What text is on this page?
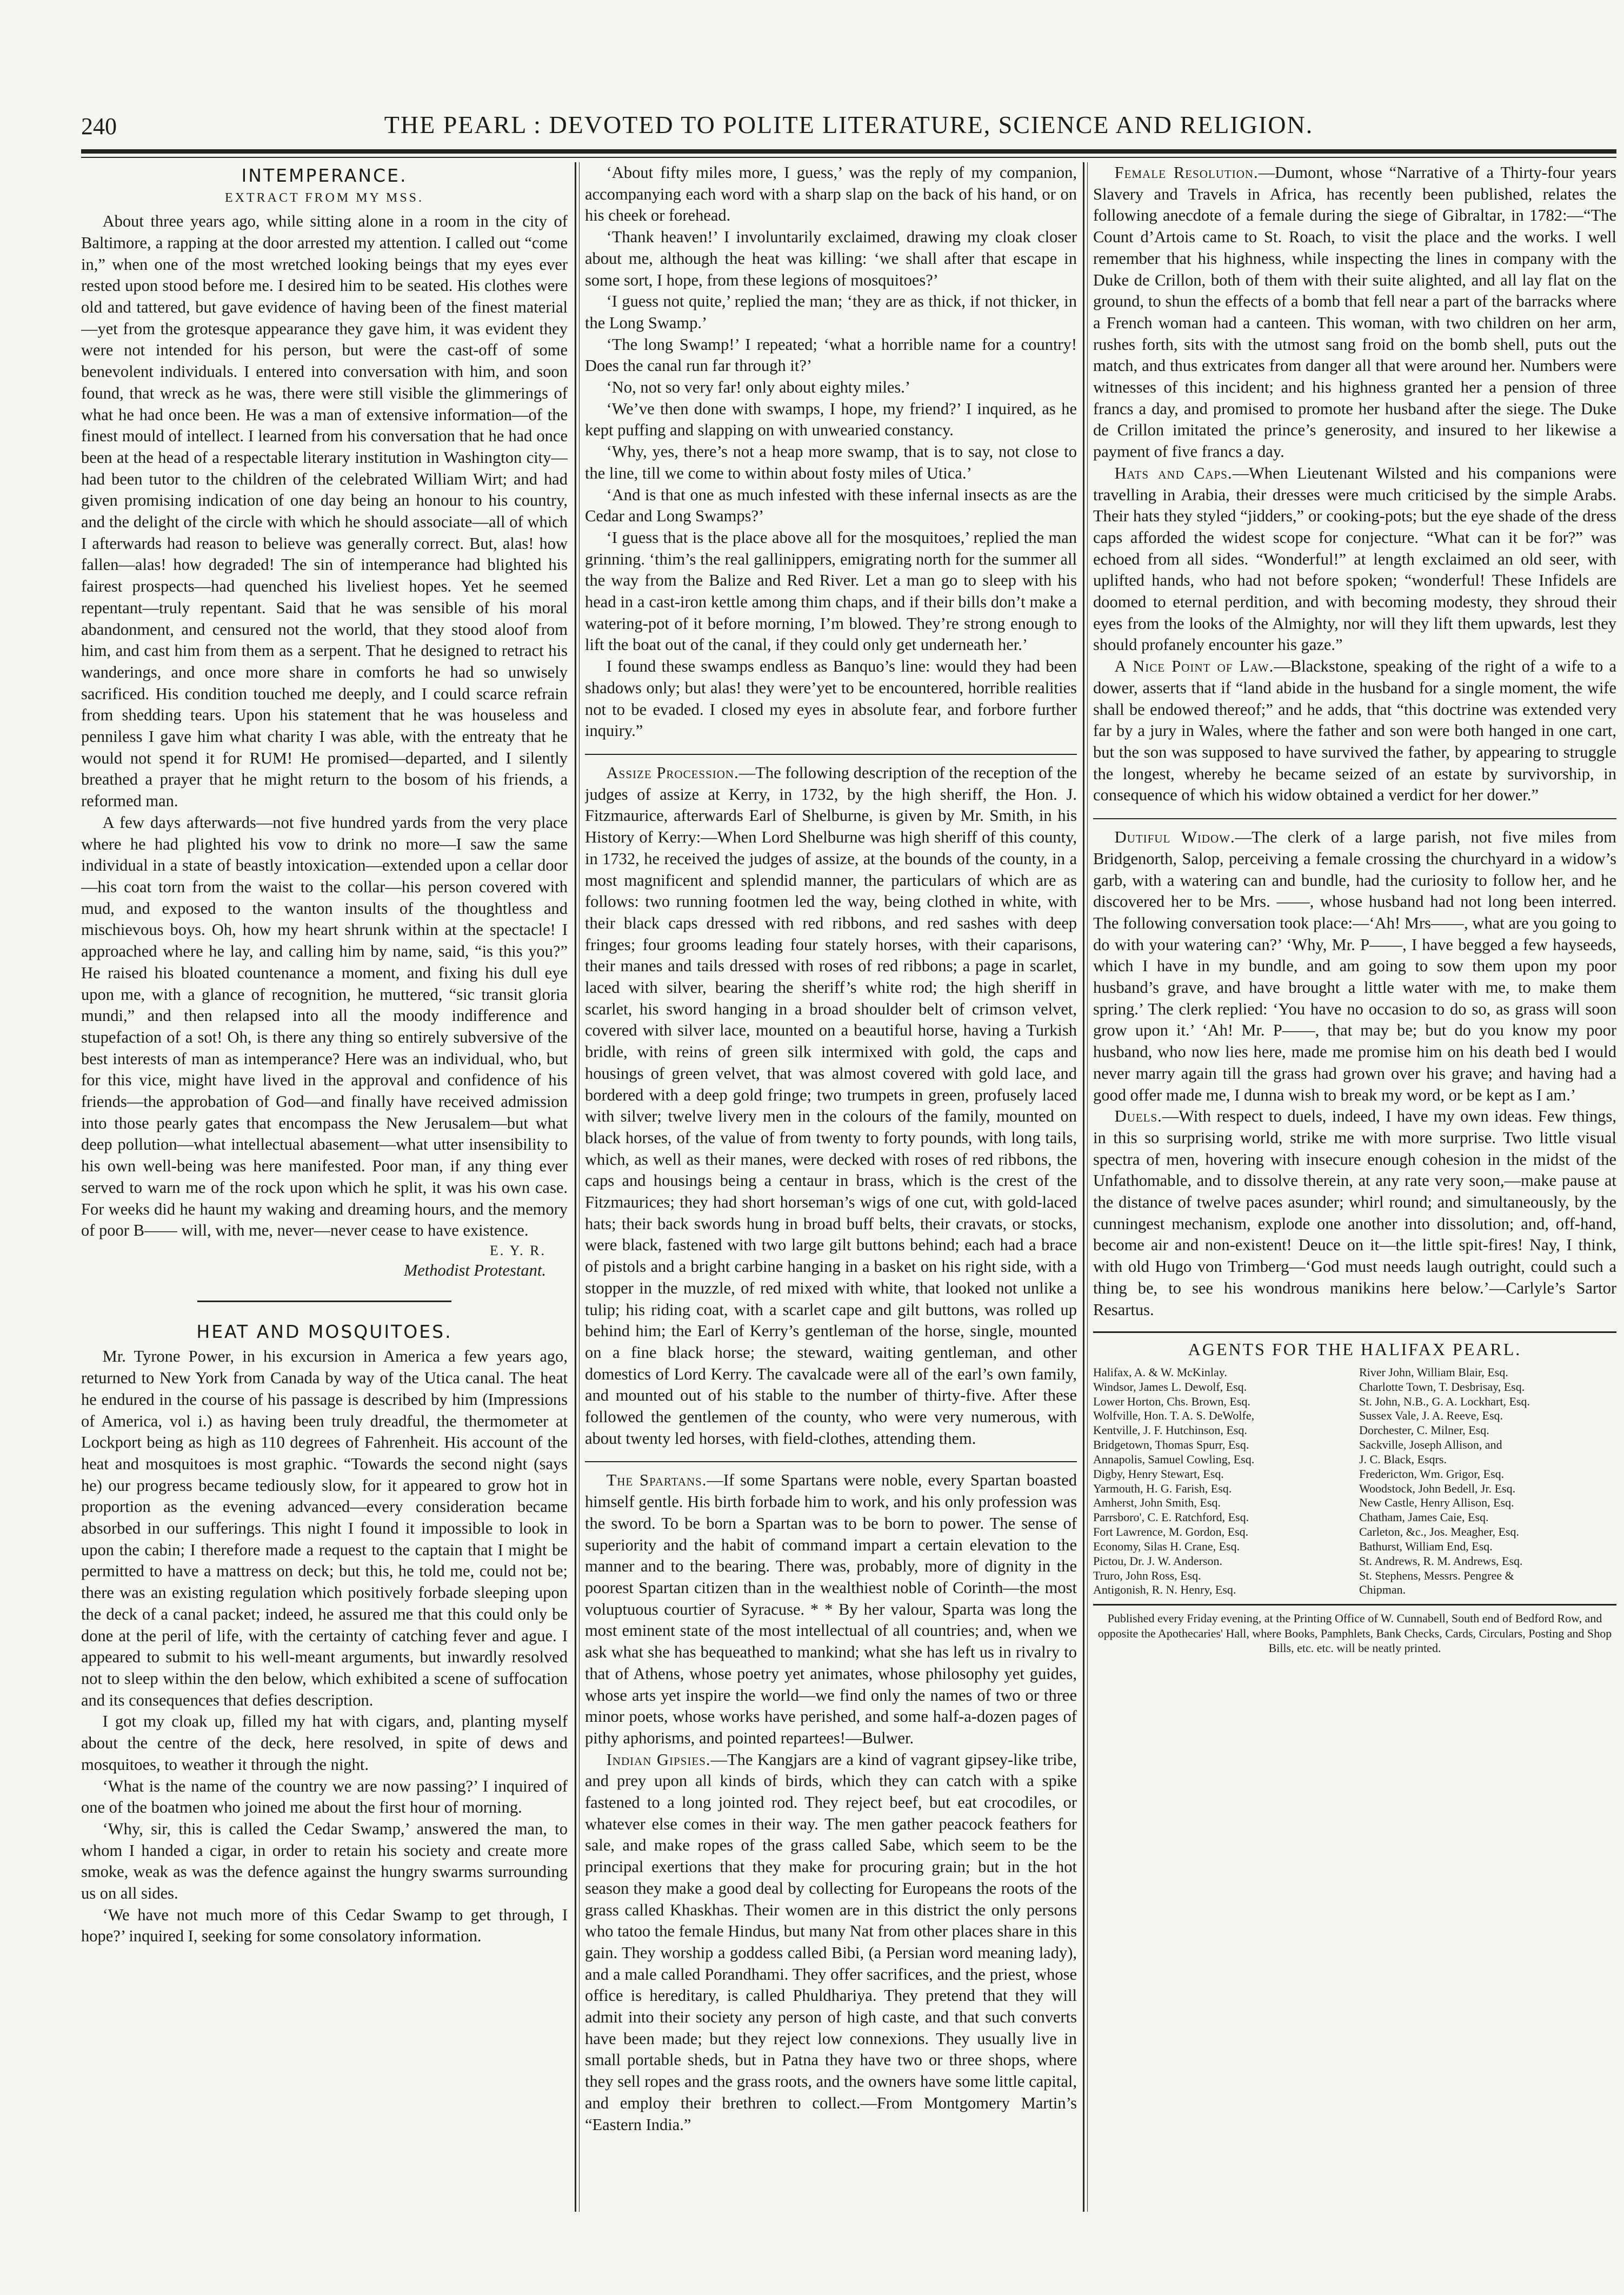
240	THE PEARL : DEVOTED TO POLITE LITERATURE, SCIENCE AND RELIGION.
INTEMPERANCE.
EXTRACT FROM MY MSS.

About three years ago, while sitting alone in a room in the city of Baltimore, a rapping at the door arrested my attention. I called out “come in,” when one of the most wretched looking beings that my eyes ever rested upon stood before me. I desired him to be seated. His clothes were old and tattered, but gave evidence of having been of the finest material—yet from the grotesque appearance they gave him, it was evident they were not intended for his person, but were the cast-off of some benevolent individuals. I entered into conversation with him, and soon found, that wreck as he was, there were still visible the glimmerings of what he had once been. He was a man of extensive information—of the finest mould of intellect. I learned from his conversation that he had once been at the head of a respectable literary institution in Washington city—had been tutor to the children of the celebrated William Wirt; and had given promising indication of one day being an honour to his country, and the delight of the circle with which he should associate—all of which I afterwards had reason to believe was generally correct. But, alas! how fallen—alas! how degraded! The sin of intemperance had blighted his fairest prospects—had quenched his liveliest hopes. Yet he seemed repentant—truly repentant. Said that he was sensible of his moral abandonment, and censured not the world, that they stood aloof from him, and cast him from them as a serpent. That he designed to retract his wanderings, and once more share in comforts he had so unwisely sacrificed. His condition touched me deeply, and I could scarce refrain from shedding tears. Upon his statement that he was houseless and penniless I gave him what charity I was able, with the entreaty that he would not spend it for RUM! He promised—departed, and I silently breathed a prayer that he might return to the bosom of his friends, a reformed man.

A few days afterwards—not five hundred yards from the very place where he had plighted his vow to drink no more—I saw the same individual in a state of beastly intoxication—extended upon a cellar door—his coat torn from the waist to the collar—his person covered with mud, and exposed to the wanton insults of the thoughtless and mischievous boys. Oh, how my heart shrunk within at the spectacle! I approached where he lay, and calling him by name, said, “is this you?” He raised his bloated countenance a moment, and fixing his dull eye upon me, with a glance of recognition, he muttered, “sic transit gloria mundi,” and then relapsed into all the moody indifference and stupefaction of a sot! Oh, is there any thing so entirely subversive of the best interests of man as intemperance? Here was an individual, who, but for this vice, might have lived in the approval and confidence of his friends—the approbation of God—and finally have received admission into those pearly gates that encompass the New Jerusalem—but what deep pollution—what intellectual abasement—what utter insensibility to his own well-being was here manifested. Poor man, if any thing ever served to warn me of the rock upon which he split, it was his own case. For weeks did he haunt my waking and dreaming hours, and the memory of poor B—— will, with me, never—never cease to have existence.

E. Y. R.
Methodist Protestant.
HEAT AND MOSQUITOES.

Mr. Tyrone Power, in his excursion in America a few years ago, returned to New York from Canada by way of the Utica canal. The heat he endured in the course of his passage is described by him (Impressions of America, vol i.) as having been truly dreadful, the thermometer at Lockport being as high as 110 degrees of Fahrenheit. His account of the heat and mosquitoes is most graphic. “Towards the second night (says he) our progress became tediously slow, for it appeared to grow hot in proportion as the evening advanced—every consideration became absorbed in our sufferings. This night I found it impossible to look in upon the cabin; I therefore made a request to the captain that I might be permitted to have a mattress on deck; but this, he told me, could not be; there was an existing regulation which positively forbade sleeping upon the deck of a canal packet; indeed, he assured me that this could only be done at the peril of life, with the certainty of catching fever and ague. I appeared to submit to his well-meant arguments, but inwardly resolved not to sleep within the den below, which exhibited a scene of suffocation and its consequences that defies description.

I got my cloak up, filled my hat with cigars, and, planting myself about the centre of the deck, here resolved, in spite of dews and mosquitoes, to weather it through the night.

‘What is the name of the country we are now passing?’ I inquired of one of the boatmen who joined me about the first hour of morning.

‘Why, sir, this is called the Cedar Swamp,’ answered the man, to whom I handed a cigar, in order to retain his society and create more smoke, weak as was the defence against the hungry swarms surrounding us on all sides.

‘We have not much more of this Cedar Swamp to get through, I hope?’ inquired I, seeking for some consolatory information.

‘About fifty miles more, I guess,’ was the reply of my companion, accompanying each word with a sharp slap on the back of his hand, or on his cheek or forehead.

‘Thank heaven!’ I involuntarily exclaimed, drawing my cloak closer about me, although the heat was killing: ‘we shall after that escape in some sort, I hope, from these legions of mosquitoes?’

‘I guess not quite,’ replied the man; ‘they are as thick, if not thicker, in the Long Swamp.’

‘The long Swamp!’ I repeated; ‘what a horrible name for a country! Does the canal run far through it?’

‘No, not so very far! only about eighty miles.’

‘We’ve then done with swamps, I hope, my friend?’ I inquired, as he kept puffing and slapping on with unwearied constancy.

‘Why, yes, there’s not a heap more swamp, that is to say, not close to the line, till we come to within about fosty miles of Utica.’

‘And is that one as much infested with these infernal insects as are the Cedar and Long Swamps?’

‘I guess that is the place above all for the mosquitoes,’ replied the man grinning. ‘thim’s the real gallinippers, emigrating north for the summer all the way from the Balize and Red River. Let a man go to sleep with his head in a cast-iron kettle among thim chaps, and if their bills don’t make a watering-pot of it before morning, I’m blowed. They’re strong enough to lift the boat out of the canal, if they could only get underneath her.’

I found these swamps endless as Banquo’s line: would they had been shadows only; but alas! they were’yet to be encountered, horrible realities not to be evaded. I closed my eyes in absolute fear, and forbore further inquiry.”

Assize Procession.—The following description of the reception of the judges of assize at Kerry, in 1732, by the high sheriff, the Hon. J. Fitzmaurice, afterwards Earl of Shelburne, is given by Mr. Smith, in his History of Kerry:—When Lord Shelburne was high sheriff of this county, in 1732, he received the judges of assize, at the bounds of the county, in a most magnificent and splendid manner, the particulars of which are as follows: two running footmen led the way, being clothed in white, with their black caps dressed with red ribbons, and red sashes with deep fringes; four grooms leading four stately horses, with their caparisons, their manes and tails dressed with roses of red ribbons; a page in scarlet, laced with silver, bearing the sheriff’s white rod; the high sheriff in scarlet, his sword hanging in a broad shoulder belt of crimson velvet, covered with silver lace, mounted on a beautiful horse, having a Turkish bridle, with reins of green silk intermixed with gold, the caps and housings of green velvet, that was almost covered with gold lace, and bordered with a deep gold fringe; two trumpets in green, profusely laced with silver; twelve livery men in the colours of the family, mounted on black horses, of the value of from twenty to forty pounds, with long tails, which, as well as their manes, were decked with roses of red ribbons, the caps and housings being a centaur in brass, which is the crest of the Fitzmaurices; they had short horseman’s wigs of one cut, with gold-laced hats; their back swords hung in broad buff belts, their cravats, or stocks, were black, fastened with two large gilt buttons behind; each had a brace of pistols and a bright carbine hanging in a basket on his right side, with a stopper in the muzzle, of red mixed with white, that looked not unlike a tulip; his riding coat, with a scarlet cape and gilt buttons, was rolled up behind him; the Earl of Kerry’s gentleman of the horse, single, mounted on a fine black horse; the steward, waiting gentleman, and other domestics of Lord Kerry. The cavalcade were all of the earl’s own family, and mounted out of his stable to the number of thirty-five. After these followed the gentlemen of the county, who were very numerous, with about twenty led horses, with field-clothes, attending them.

The Spartans.—If some Spartans were noble, every Spartan boasted himself gentle. His birth forbade him to work, and his only profession was the sword. To be born a Spartan was to be born to power. The sense of superiority and the habit of command impart a certain elevation to the manner and to the bearing. There was, probably, more of dignity in the poorest Spartan citizen than in the wealthiest noble of Corinth—the most voluptuous courtier of Syracuse. * * By her valour, Sparta was long the most eminent state of the most intellectual of all countries; and, when we ask what she has bequeathed to mankind; what she has left us in rivalry to that of Athens, whose poetry yet animates, whose philosophy yet guides, whose arts yet inspire the world—we find only the names of two or three minor poets, whose works have perished, and some half-a-dozen pages of pithy aphorisms, and pointed repartees!—Bulwer.

Indian Gipsies.—The Kangjars are a kind of vagrant gipsey-like tribe, and prey upon all kinds of birds, which they can catch with a spike fastened to a long jointed rod. They reject beef, but eat crocodiles, or whatever else comes in their way. The men gather peacock feathers for sale, and make ropes of the grass called Sabe, which seem to be the principal exertions that they make for procuring grain; but in the hot season they make a good deal by collecting for Europeans the roots of the grass called Khaskhas. Their women are in this district the only persons who tatoo the female Hindus, but many Nat from other places share in this gain. They worship a goddess called Bibi, (a Persian word meaning lady), and a male called Porandhami. They offer sacrifices, and the priest, whose office is hereditary, is called Phuldhariya. They pretend that they will admit into their society any person of high caste, and that such converts have been made; but they reject low connexions. They usually live in small portable sheds, but in Patna they have two or three shops, where they sell ropes and the grass roots, and the owners have some little capital, and employ their brethren to collect.—From Montgomery Martin’s “Eastern India.”

Female Resolution.—Dumont, whose “Narrative of a Thirty-four years Slavery and Travels in Africa, has recently been published, relates the following anecdote of a female during the siege of Gibraltar, in 1782:—“The Count d’Artois came to St. Roach, to visit the place and the works. I well remember that his highness, while inspecting the lines in company with the Duke de Crillon, both of them with their suite alighted, and all lay flat on the ground, to shun the effects of a bomb that fell near a part of the barracks where a French woman had a canteen. This woman, with two children on her arm, rushes forth, sits with the utmost sang froid on the bomb shell, puts out the match, and thus extricates from danger all that were around her. Numbers were witnesses of this incident; and his highness granted her a pension of three francs a day, and promised to promote her husband after the siege. The Duke de Crillon imitated the prince’s generosity, and insured to her likewise a payment of five francs a day.

Hats and Caps.—When Lieutenant Wilsted and his companions were travelling in Arabia, their dresses were much criticised by the simple Arabs. Their hats they styled “jidders,” or cooking-pots; but the eye shade of the dress caps afforded the widest scope for conjecture. “What can it be for?” was echoed from all sides. “Wonderful!” at length exclaimed an old seer, with uplifted hands, who had not before spoken; “wonderful! These Infidels are doomed to eternal perdition, and with becoming modesty, they shroud their eyes from the looks of the Almighty, nor will they lift them upwards, lest they should profanely encounter his gaze.”

A Nice Point of Law.—Blackstone, speaking of the right of a wife to a dower, asserts that if “land abide in the husband for a single moment, the wife shall be endowed thereof;” and he adds, that “this doctrine was extended very far by a jury in Wales, where the father and son were both hanged in one cart, but the son was supposed to have survived the father, by appearing to struggle the longest, whereby he became seized of an estate by survivorship, in consequence of which his widow obtained a verdict for her dower.”

Dutiful Widow.—The clerk of a large parish, not five miles from Bridgenorth, Salop, perceiving a female crossing the churchyard in a widow’s garb, with a watering can and bundle, had the curiosity to follow her, and he discovered her to be Mrs. ——, whose husband had not long been interred. The following conversation took place:—‘Ah! Mrs——, what are you going to do with your watering can?’ ‘Why, Mr. P——, I have begged a few hayseeds, which I have in my bundle, and am going to sow them upon my poor husband’s grave, and have brought a little water with me, to make them spring.’ The clerk replied: ‘You have no occasion to do so, as grass will soon grow upon it.’ ‘Ah! Mr. P——, that may be; but do you know my poor husband, who now lies here, made me promise him on his death bed I would never marry again till the grass had grown over his grave; and having had a good offer made me, I dunna wish to break my word, or be kept as I am.’

Duels.—With respect to duels, indeed, I have my own ideas. Few things, in this so surprising world, strike me with more surprise. Two little visual spectra of men, hovering with insecure enough cohesion in the midst of the Unfathomable, and to dissolve therein, at any rate very soon,—make pause at the distance of twelve paces asunder; whirl round; and simultaneously, by the cunningest mechanism, explode one another into dissolution; and, off-hand, become air and non-existent! Deuce on it—the little spit-fires! Nay, I think, with old Hugo von Trimberg—‘God must needs laugh outright, could such a thing be, to see his wondrous manikins here below.’—Carlyle’s Sartor Resartus.

AGENTS FOR THE HALIFAX PEARL.
Halifax, A. & W. McKinlay.
Windsor, James L. Dewolf, Esq.
Lower Horton, Chs. Brown, Esq.
Wolfville, Hon. T. A. S. DeWolfe,
Kentville, J. F. Hutchinson, Esq.
Bridgetown, Thomas Spurr, Esq.
Annapolis, Samuel Cowling, Esq.
Digby, Henry Stewart, Esq.
Yarmouth, H. G. Farish, Esq.
Amherst, John Smith, Esq.
Parrsboro', C. E. Ratchford, Esq.
Fort Lawrence, M. Gordon, Esq.
Economy, Silas H. Crane, Esq.
Pictou, Dr. J. W. Anderson.
Truro, John Ross, Esq.
Antigonish, R. N. Henry, Esq.
River John, William Blair, Esq.
Charlotte Town, T. Desbrisay, Esq.
St. John, N.B., G. A. Lockhart, Esq.
Sussex Vale, J. A. Reeve, Esq.
Dorchester, C. Milner, Esq.
Sackville, Joseph Allison, and
J. C. Black, Esqrs.
Fredericton, Wm. Grigor, Esq.
Woodstock, John Bedell, Jr. Esq.
New Castle, Henry Allison, Esq.
Chatham, James Caie, Esq.
Carleton, &c., Jos. Meagher, Esq.
Bathurst, William End, Esq.
St. Andrews, R. M. Andrews, Esq.
St. Stephens, Messrs. Pengree &
Chipman.
Published every Friday evening, at the Printing Office of W. Cunnabell, South end of Bedford Row, and opposite the Apothecaries' Hall, where Books, Pamphlets, Bank Checks, Cards, Circulars, Posting and Shop Bills, etc. etc. will be neatly printed.
